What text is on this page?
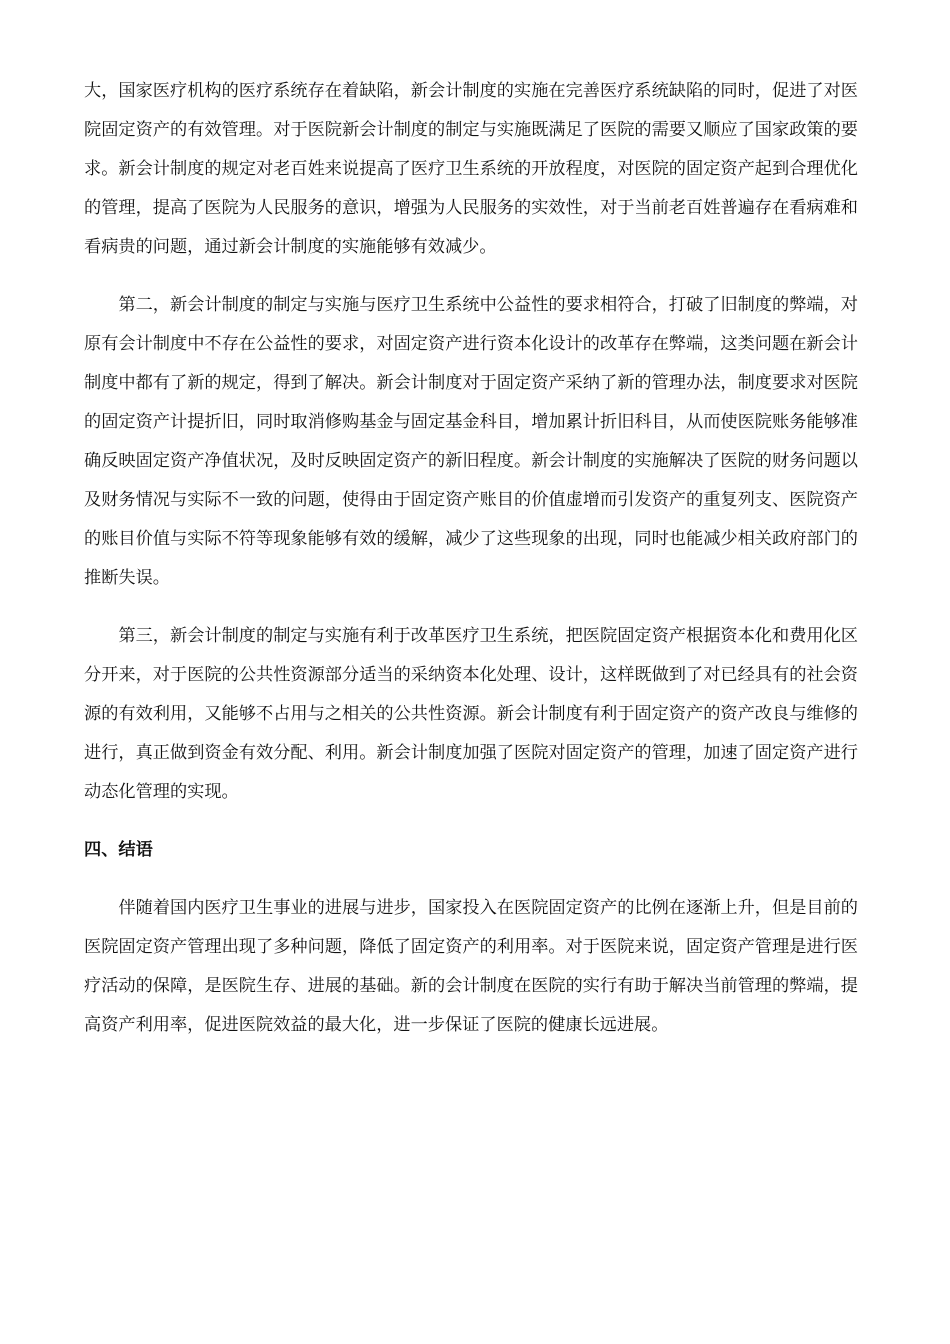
大，国家医疗机构的医疗系统存在着缺陷，新会计制度的实施在完善医疗系统缺陷的同时，促进了对医院固定资产的有效管理。对于医院新会计制度的制定与实施既满足了医院的需要又顺应了国家政策的要求。新会计制度的规定对老百姓来说提高了医疗卫生系统的开放程度，对医院的固定资产起到合理优化的管理，提高了医院为人民服务的意识，增强为人民服务的实效性，对于当前老百姓普遍存在看病难和看病贵的问题，通过新会计制度的实施能够有效减少。

第二，新会计制度的制定与实施与医疗卫生系统中公益性的要求相符合，打破了旧制度的弊端，对原有会计制度中不存在公益性的要求，对固定资产进行资本化设计的改革存在弊端，这类问题在新会计制度中都有了新的规定，得到了解决。新会计制度对于固定资产采纳了新的管理办法，制度要求对医院的固定资产计提折旧，同时取消修购基金与固定基金科目，增加累计折旧科目，从而使医院账务能够准确反映固定资产净值状况，及时反映固定资产的新旧程度。新会计制度的实施解决了医院的财务问题以及财务情况与实际不一致的问题，使得由于固定资产账目的价值虚增而引发资产的重复列支、医院资产的账目价值与实际不符等现象能够有效的缓解，减少了这些现象的出现，同时也能减少相关政府部门的推断失误。

第三，新会计制度的制定与实施有利于改革医疗卫生系统，把医院固定资产根据资本化和费用化区分开来，对于医院的公共性资源部分适当的采纳资本化处理、设计，这样既做到了对已经具有的社会资源的有效利用，又能够不占用与之相关的公共性资源。新会计制度有利于固定资产的资产改良与维修的进行，真正做到资金有效分配、利用。新会计制度加强了医院对固定资产的管理，加速了固定资产进行动态化管理的实现。

四、结语

伴随着国内医疗卫生事业的进展与进步，国家投入在医院固定资产的比例在逐渐上升，但是目前的医院固定资产管理出现了多种问题，降低了固定资产的利用率。对于医院来说，固定资产管理是进行医疗活动的保障，是医院生存、进展的基础。新的会计制度在医院的实行有助于解决当前管理的弊端，提高资产利用率，促进医院效益的最大化，进一步保证了医院的健康长远进展。
